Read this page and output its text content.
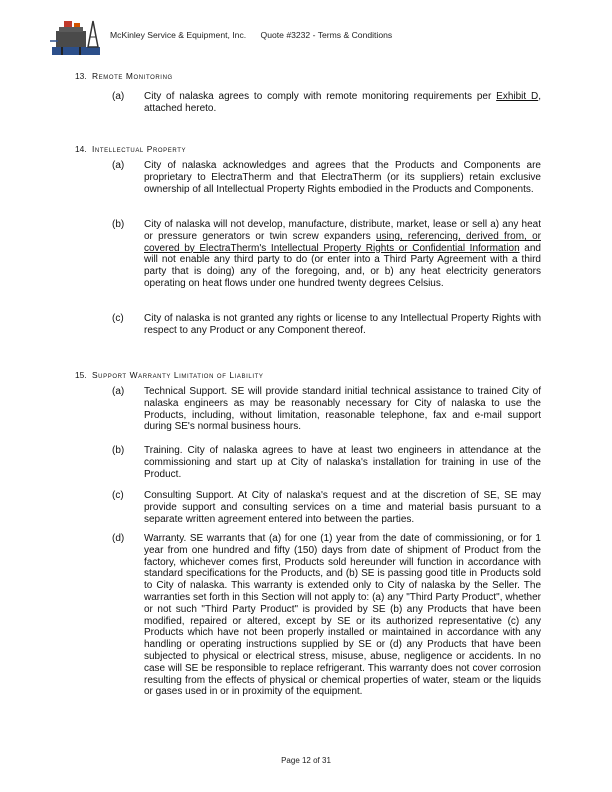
McKinley Service & Equipment, Inc. Quote #3232 - Terms & Conditions
13. Remote Monitoring
(a) City of nalaska agrees to comply with remote monitoring requirements per Exhibit D, attached hereto.
14. Intellectual Property
(a) City of nalaska acknowledges and agrees that the Products and Components are proprietary to ElectraTherm and that ElectraTherm (or its suppliers) retain exclusive ownership of all Intellectual Property Rights embodied in the Products and Components.
(b) City of nalaska will not develop, manufacture, distribute, market, lease or sell a) any heat or pressure generators or twin screw expanders using, referencing, derived from, or covered by ElectraTherm's Intellectual Property Rights or Confidential Information and will not enable any third party to do (or enter into a Third Party Agreement with a third party that is doing) any of the foregoing, and, or b) any heat electricity generators operating on heat flows under one hundred twenty degrees Celsius.
(c) City of nalaska is not granted any rights or license to any Intellectual Property Rights with respect to any Product or any Component thereof.
15. Support Warranty Limitation of Liability
(a) Technical Support. SE will provide standard initial technical assistance to trained City of nalaska engineers as may be reasonably necessary for City of nalaska to use the Products, including, without limitation, reasonable telephone, fax and e-mail support during SE's normal business hours.
(b) Training. City of nalaska agrees to have at least two engineers in attendance at the commissioning and start up at City of nalaska's installation for training in use of the Product.
(c) Consulting Support. At City of nalaska's request and at the discretion of SE, SE may provide support and consulting services on a time and material basis pursuant to a separate written agreement entered into between the parties.
(d) Warranty. SE warrants that (a) for one (1) year from the date of commissioning, or for 1 year from one hundred and fifty (150) days from date of shipment of Product from the factory, whichever comes first, Products sold hereunder will function in accordance with standard specifications for the Products, and (b) SE is passing good title in Products sold to City of nalaska. This warranty is extended only to City of nalaska by the Seller. The warranties set forth in this Section will not apply to: (a) any "Third Party Product", whether or not such "Third Party Product" is provided by SE (b) any Products that have been modified, repaired or altered, except by SE or its authorized representative (c) any Products which have not been properly installed or maintained in accordance with any handling or operating instructions supplied by SE or (d) any Products that have been subjected to physical or electrical stress, misuse, abuse, negligence or accidents. In no case will SE be responsible to replace refrigerant. This warranty does not cover corrosion resulting from the effects of physical or chemical properties of water, steam or the liquids or gases used in or in proximity of the equipment.
Page 12 of 31
